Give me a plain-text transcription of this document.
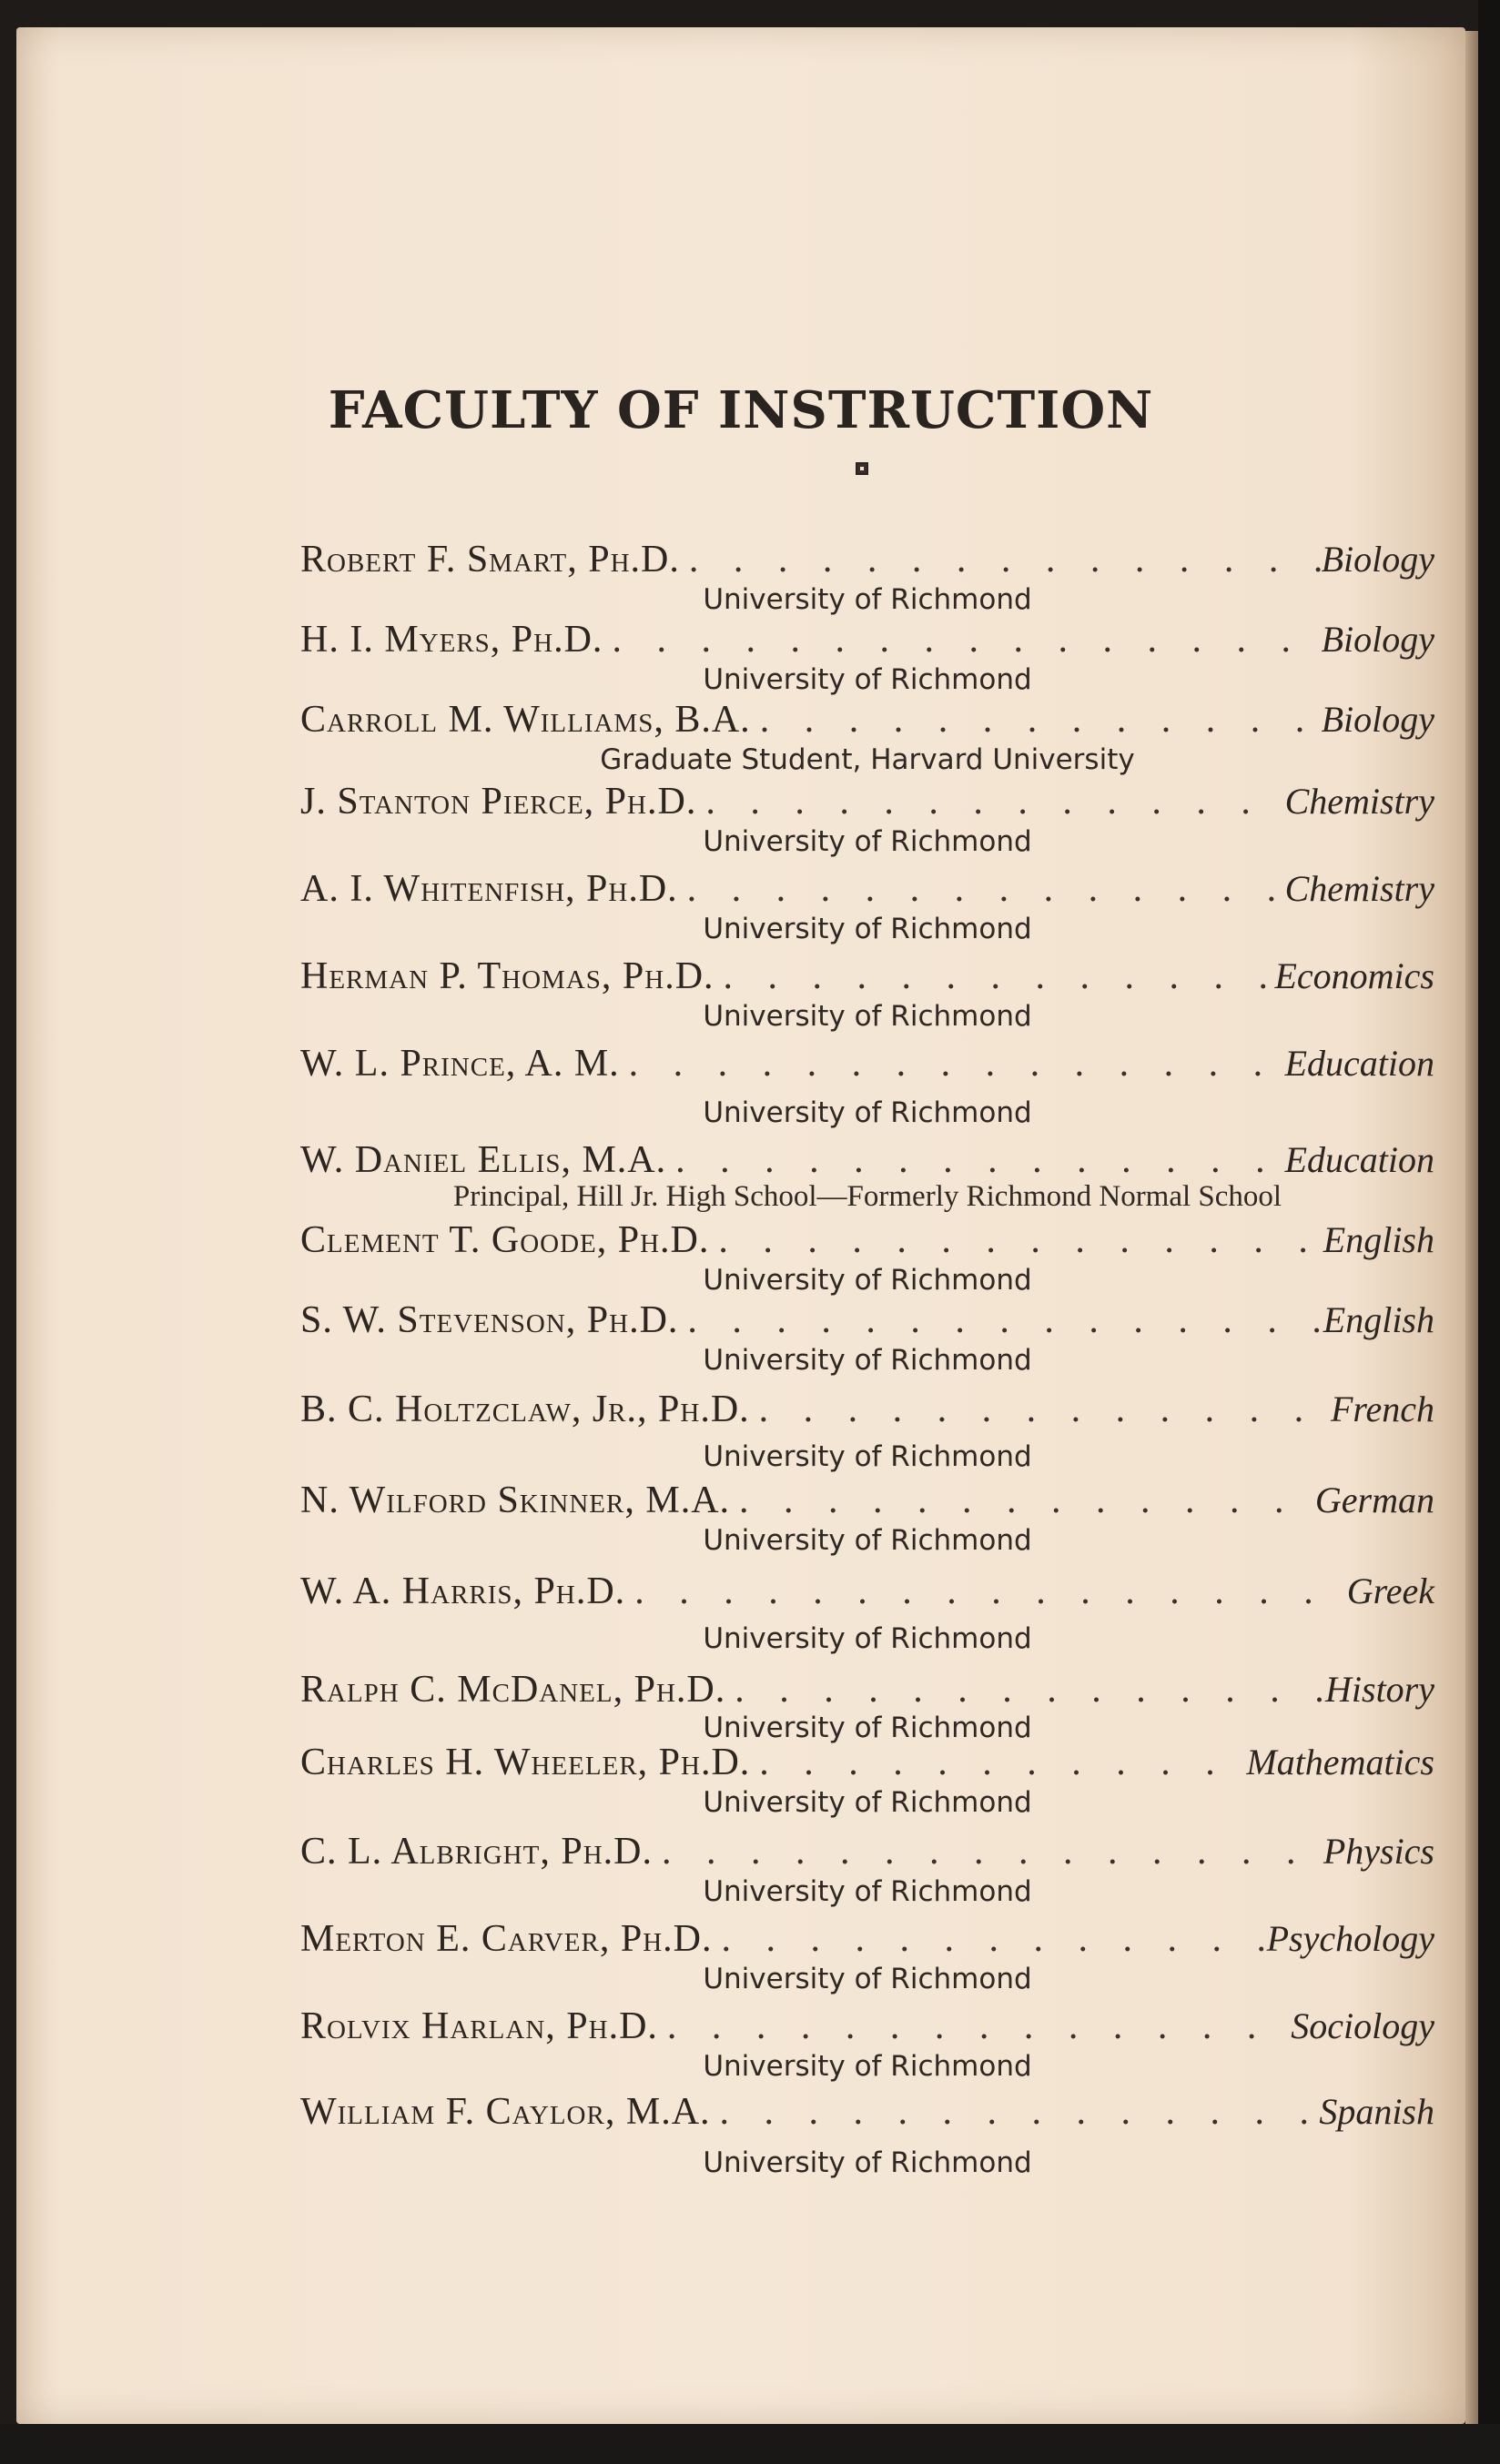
FACULTY OF INSTRUCTION
Robert F. Smart, Ph.D. . . .	Biology
University of Richmond
H. I. Myers, Ph.D. . . .	Biology
University of Richmond
Carroll M. Williams, B.A. . . .	Biology
Graduate Student, Harvard University
J. Stanton Pierce, Ph.D. . . .	Chemistry
University of Richmond
A. I. Whitenfish, Ph.D. . . .	Chemistry
University of Richmond
Herman P. Thomas, Ph.D. . . .	Economics
University of Richmond
W. L. Prince, A. M. . . .	Education
University of Richmond
W. Daniel Ellis, M.A. . . .	Education
Principal, Hill Jr. High School—Formerly Richmond Normal School
Clement T. Goode, Ph.D. . . .	English
University of Richmond
S. W. Stevenson, Ph.D. . . .	English
University of Richmond
B. C. Holtzclaw, Jr., Ph.D. . . .	French
University of Richmond
N. Wilford Skinner, M.A. . . .	German
University of Richmond
W. A. Harris, Ph.D. . . .	Greek
University of Richmond
Ralph C. McDanel, Ph.D. . . .	History
University of Richmond
Charles H. Wheeler, Ph.D. . . .	Mathematics
University of Richmond
C. L. Albright, Ph.D. . . .	Physics
University of Richmond
Merton E. Carver, Ph.D. . . .	Psychology
University of Richmond
Rolvix Harlan, Ph.D. . . .	Sociology
University of Richmond
William F. Caylor, M.A. . . .	Spanish
University of Richmond
